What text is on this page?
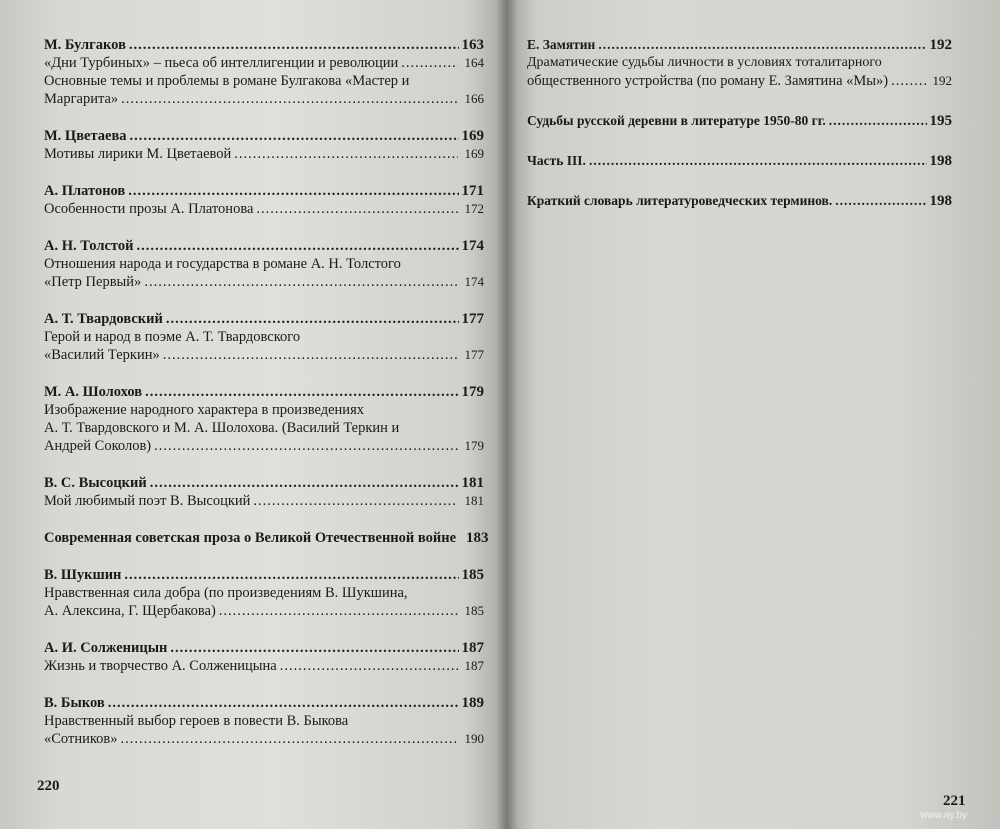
М. Булгаков .....	163
«Дни Турбиных» – пьеса об интеллигенции и революции .....	164
Основные темы и проблемы в романе Булгакова «Мастер и
Маргарита» .....	166
М. Цветаева .....	169
Мотивы лирики М. Цветаевой .....	169
А. Платонов .....	171
Особенности прозы А. Платонова .....	172
А. Н. Толстой .....	174
Отношения народа и государства в романе А. Н. Толстого
«Петр Первый» .....	174
А. Т. Твардовский .....	177
Герой и народ в поэме А. Т. Твардовского
«Василий Теркин» .....	177
М. А. Шолохов .....	179
Изображение народного характера в произведениях
А. Т. Твардовского и М. А. Шолохова. (Василий Теркин и
Андрей Соколов) .....	179
В. С. Высоцкий .....	181
Мой любимый поэт В. Высоцкий .....	181
Современная советская проза о Великой Отечественной войне 183
В. Шукшин .....	185
Нравственная сила добра (по произведениям В. Шукшина,
А. Алексина, Г. Щербакова) .....	185
А. И. Солженицын .....	187
Жизнь и творчество А. Солженицына .....	187
В. Быков .....	189
Нравственный выбор героев в повести В. Быкова
«Сотников» .....	190
220
221
Е. Замятин .....	192
Драматические судьбы личности в условиях тоталитарного
общественного устройства (по роману Е. Замятина «Мы») .....	192
Судьбы русской деревни в литературе 1950-80 гг. .....	195
Часть III. .....	198
Краткий словарь литературоведческих терминов. .....	198
www.ay.by
